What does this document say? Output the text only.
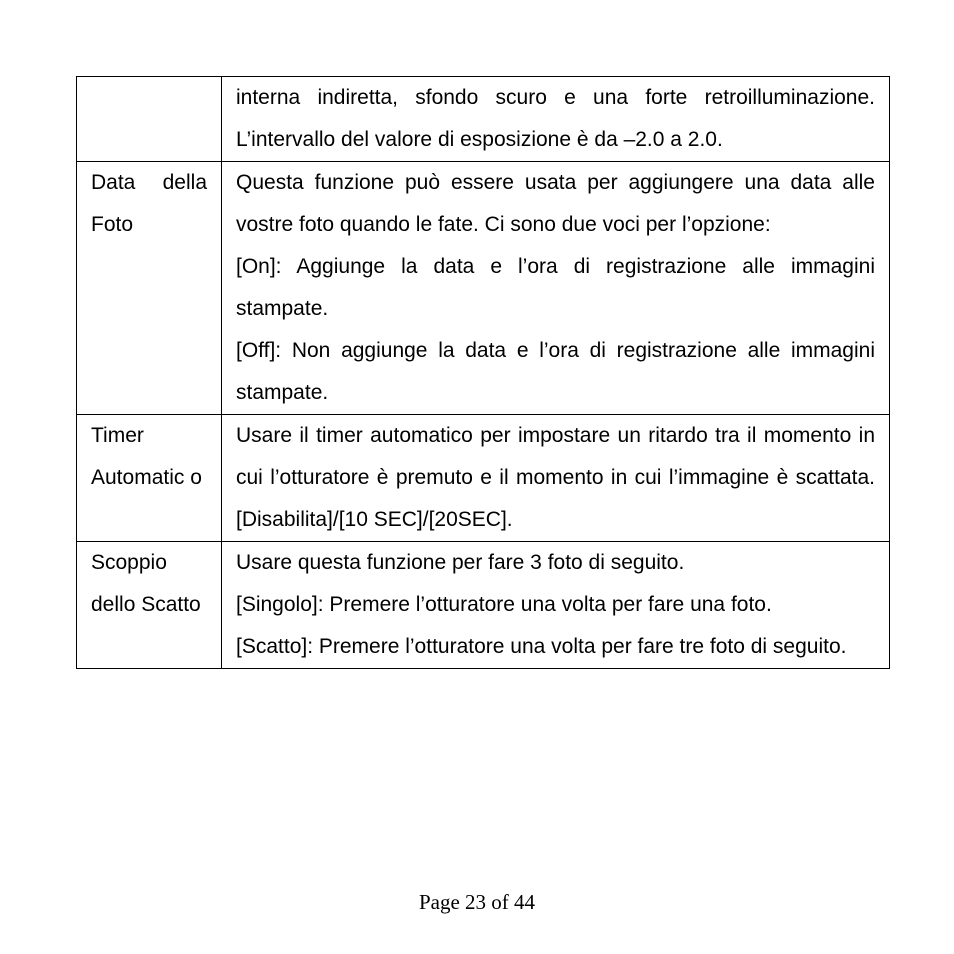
	interna indiretta, sfondo scuro e una forte retroilluminazione. L’intervallo del valore di esposizione è da –2.0 a 2.0.

Data della Foto	Questa funzione può essere usata per aggiungere una data alle vostre foto quando le fate. Ci sono due voci per l’opzione:
[On]: Aggiunge la data e l’ora di registrazione alle immagini stampate.
[Off]: Non aggiunge la data e l’ora di registrazione alle immagini stampate.

Timer Automatic o	Usare il timer automatico per impostare un ritardo tra il momento in cui l’otturatore è premuto e il momento in cui l’immagine è scattata. [Disabilita]/[10 SEC]/[20SEC].

Scoppio dello Scatto	Usare questa funzione per fare 3 foto di seguito.
[Singolo]: Premere l’otturatore una volta per fare una foto.
[Scatto]: Premere l’otturatore una volta per fare tre foto di seguito.
Page 23 of 44
